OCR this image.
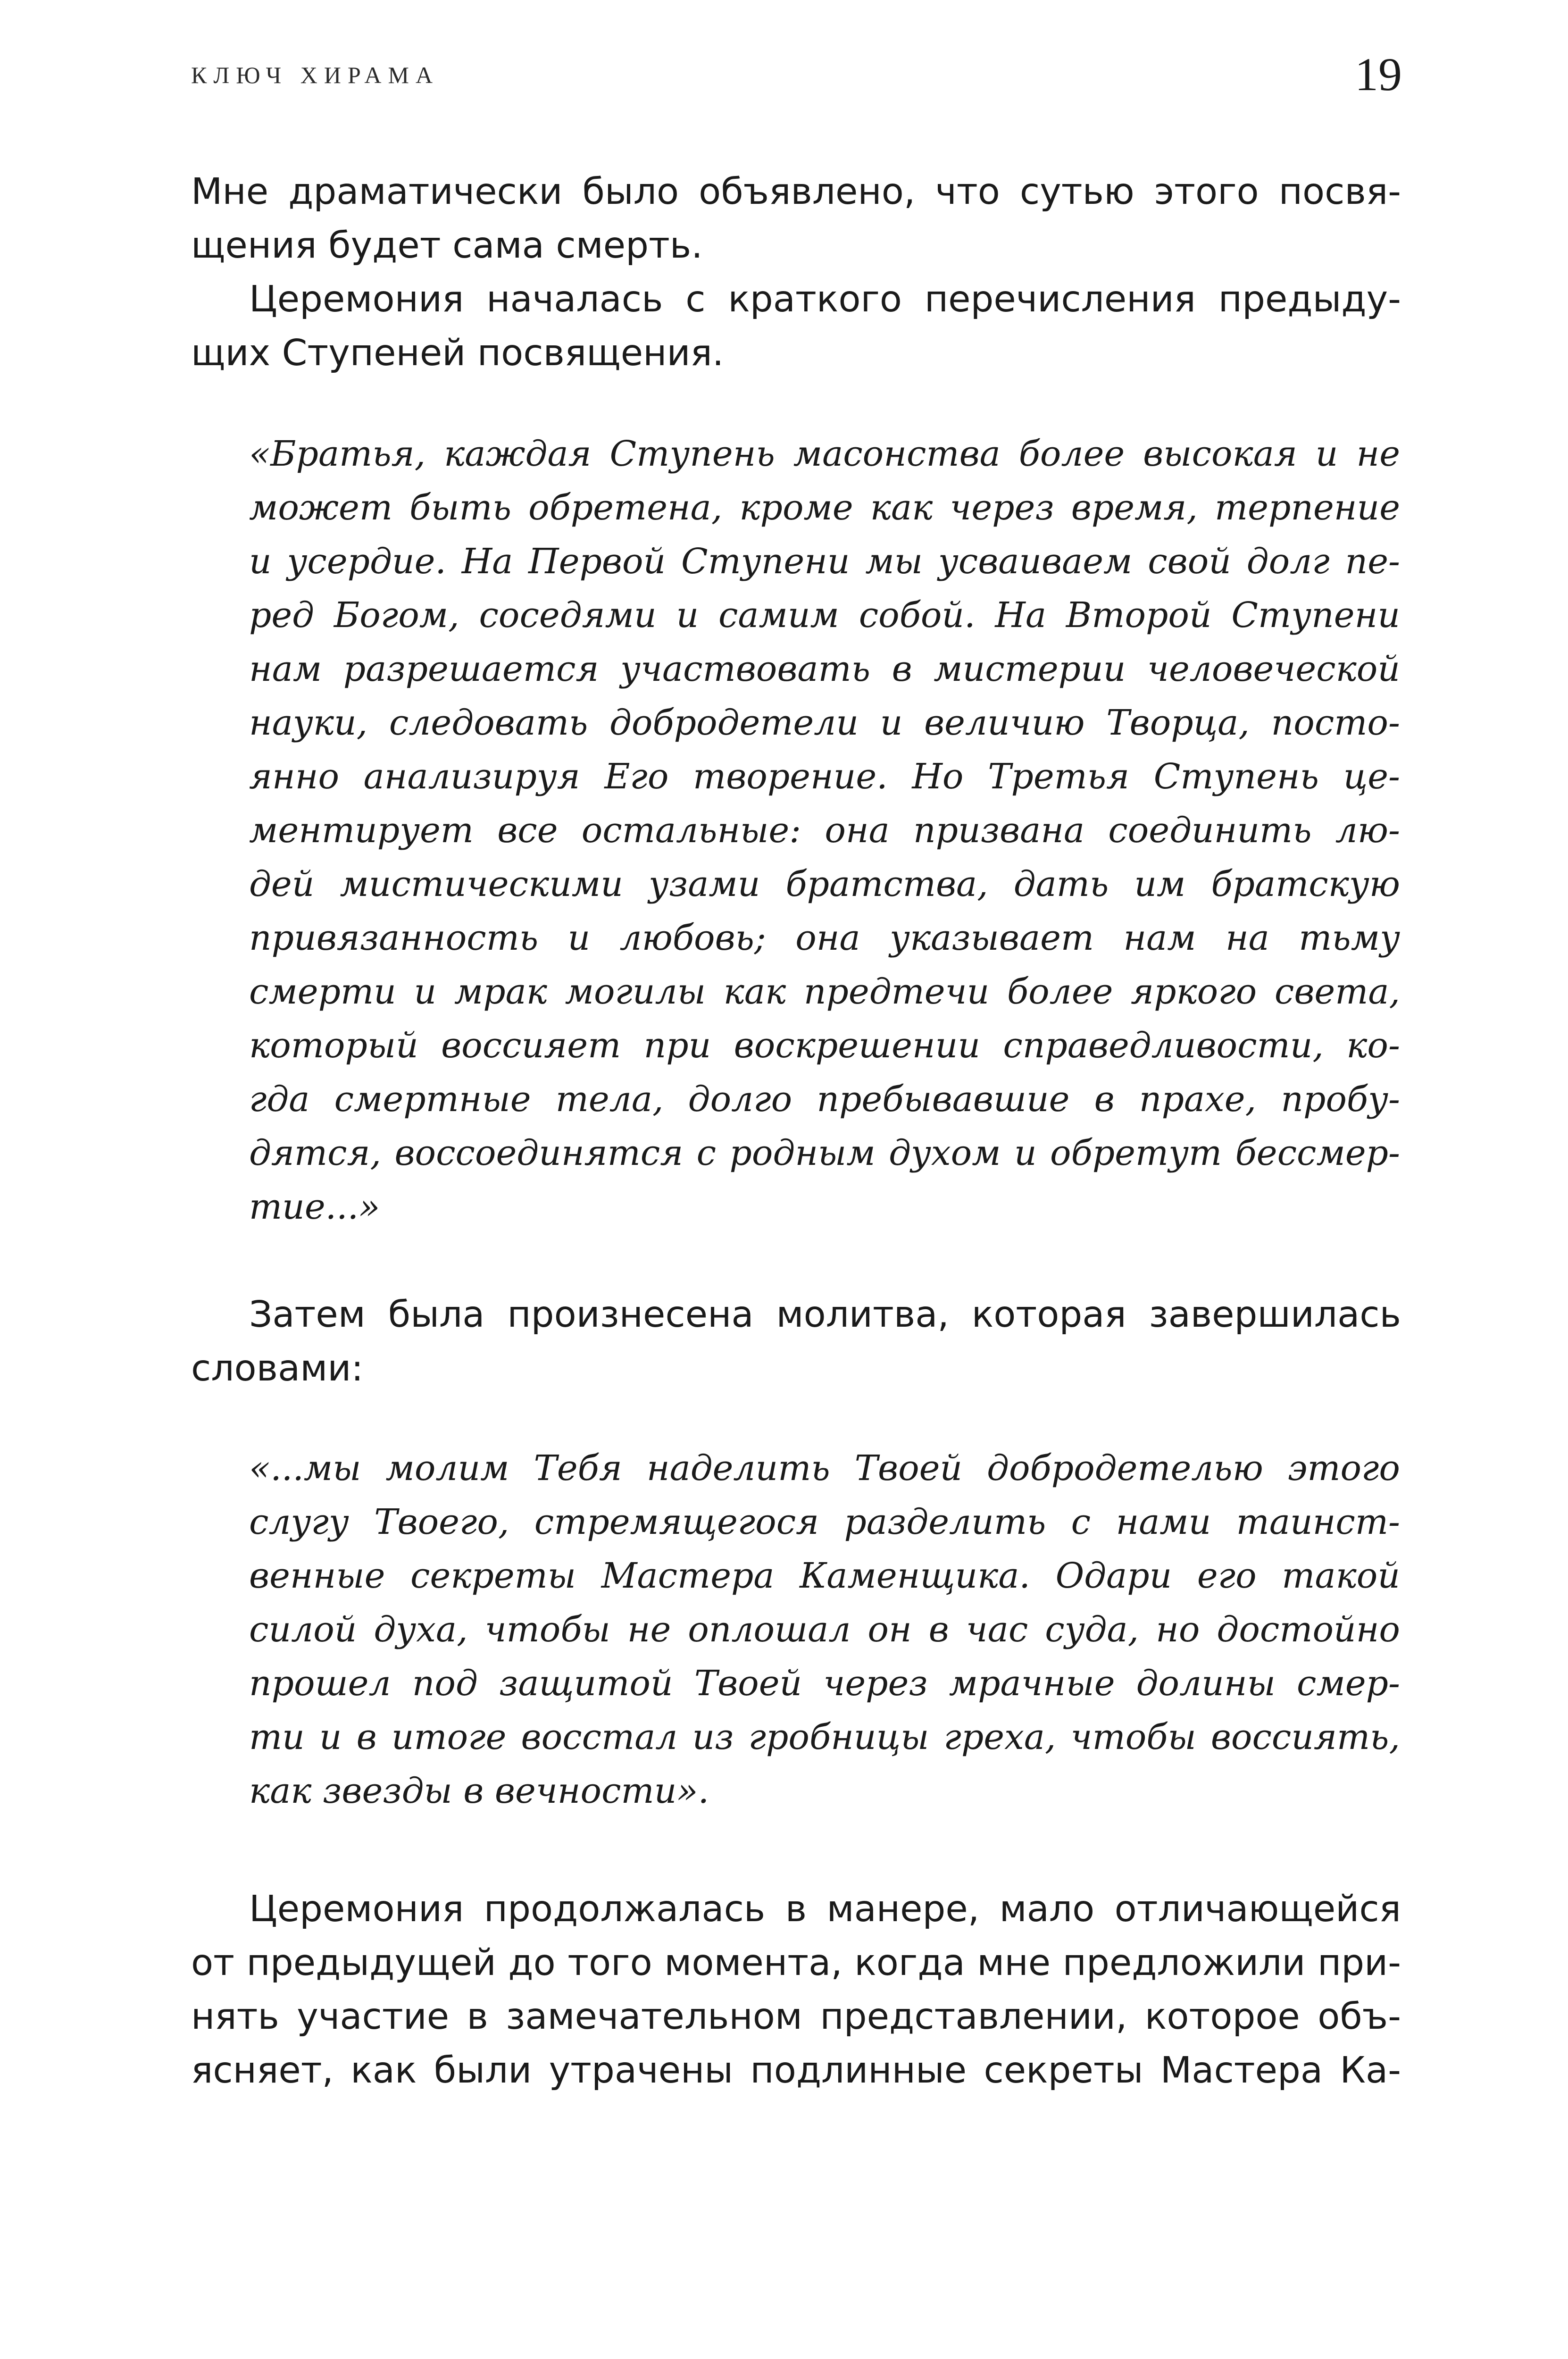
КЛЮЧ ХИРАМА	19
Мне драматически было объявлено, что сутью этого посвя-
щения будет сама смерть.
Церемония началась с краткого перечисления предыду-
щих Ступеней посвящения.
«Братья, каждая Ступень масонства более высокая и не
может быть обретена, кроме как через время, терпение
и усердие. На Первой Ступени мы усваиваем свой долг пе-
ред Богом, соседями и самим собой. На Второй Ступени
нам разрешается участвовать в мистерии человеческой
науки, следовать добродетели и величию Творца, посто-
янно анализируя Его творение. Но Третья Ступень це-
ментирует все остальные: она призвана соединить лю-
дей мистическими узами братства, дать им братскую
привязанность и любовь; она указывает нам на тьму
смерти и мрак могилы как предтечи более яркого света,
который воссияет при воскрешении справедливости, ко-
гда смертные тела, долго пребывавшие в прахе, пробу-
дятся, воссоединятся с родным духом и обретут бессмер-
тие...»
Затем была произнесена молитва, которая завершилась
словами:
«...мы молим Тебя наделить Твоей добродетелью этого
слугу Твоего, стремящегося разделить с нами таинст-
венные секреты Мастера Каменщика. Одари его такой
силой духа, чтобы не оплошал он в час суда, но достойно
прошел под защитой Твоей через мрачные долины смер-
ти и в итоге восстал из гробницы греха, чтобы воссиять,
как звезды в вечности».
Церемония продолжалась в манере, мало отличающейся
от предыдущей до того момента, когда мне предложили при-
нять участие в замечательном представлении, которое объ-
ясняет, как были утрачены подлинные секреты Мастера Ка-
